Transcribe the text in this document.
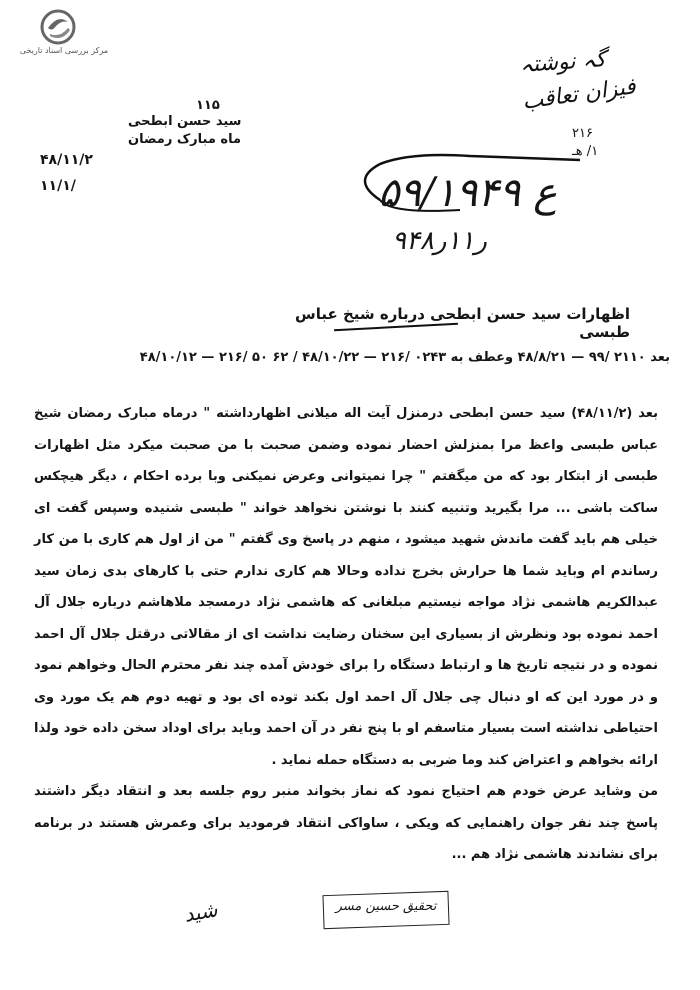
مرکز بررسی اسناد تاریخی	گہ نوشتہ
فیزان تعاقب
۲۱۶
۱/ هـ
۱۱۵
سید حسن ابطحی
ماه مبارک رمضان
۴۸/۱۱/۲
۱۱/۱/	۵۹/۱۹۴۹ ع
۹ر۱۱ر۴۸
اظهارات سید حسن ابطحی درباره شیخ عباس طبسی
بعد ۲۱۱۰ /۹۹ — ۴۸/۸/۲۱ وعطف به ۰۲۴۳ /۲۱۶ — ۴۸/۱۰/۲۲ / ۶۲ ۵۰ /۲۱۶ — ۴۸/۱۰/۱۲

بعد (۴۸/۱۱/۲) سید حسن ابطحی درمنزل آیت اله میلانی اظهارداشته " درماه مبارک رمضان شیخ عباس طبسی واعظ مرا بمنزلش احضار نموده وضمن صحبت با من صحبت میکرد مثل اظهارات طبسی از ابتکار بود که من میگفتم " چرا نمیتوانی وعرض نمیکنی وبا برده احکام ، دیگر هیچکس ساکت باشی ... مرا بگیرید وتنبیه کنند با نوشتن نخواهد خواند " طبسی شنیده وسپس گفت ای خیلی هم باید گفت ماندش شهید میشود ، منهم در پاسخ وی گفتم " من از اول هم کاری با من کار رساندم ام وباید شما ها حرارش بخرج نداده وحالا هم کاری ندارم حتی با کارهای بدی زمان سید عبدالکریم هاشمی نژاد مواجه نیستیم مبلغانی که هاشمی نژاد درمسجد ملاهاشم درباره جلال آل احمد نموده بود ونظرش از بسیاری این سخنان رضایت نداشت ای از مقالاتی درقتل جلال آل احمد نموده و در نتیجه تاریخ ها و ارتباط دستگاه را برای خودش آمده چند نفر محترم الحال وخواهم نمود و در مورد این که او دنبال چی جلال آل احمد اول بکند توده ای بود و تهیه دوم هم یک مورد وی احتیاطی نداشته است بسیار متاسفم او با پنج نفر در آن احمد وباید برای اوداد سخن داده خود ولذا ارائه بخواهم و اعتراض کند وما ضربی به دستگاه حمله نماید .

من وشاید عرض خودم هم احتیاج نمود که نماز بخواند منبر روم جلسه بعد و انتقاد دیگر داشتند پاسخ چند نفر جوان راهنمایی که ویکی ، ساواکی انتقاد فرمودید برای وعمرش هستند در برنامه برای نشاندند هاشمی نژاد هم ...

تحقیق حسین مسر
شید
